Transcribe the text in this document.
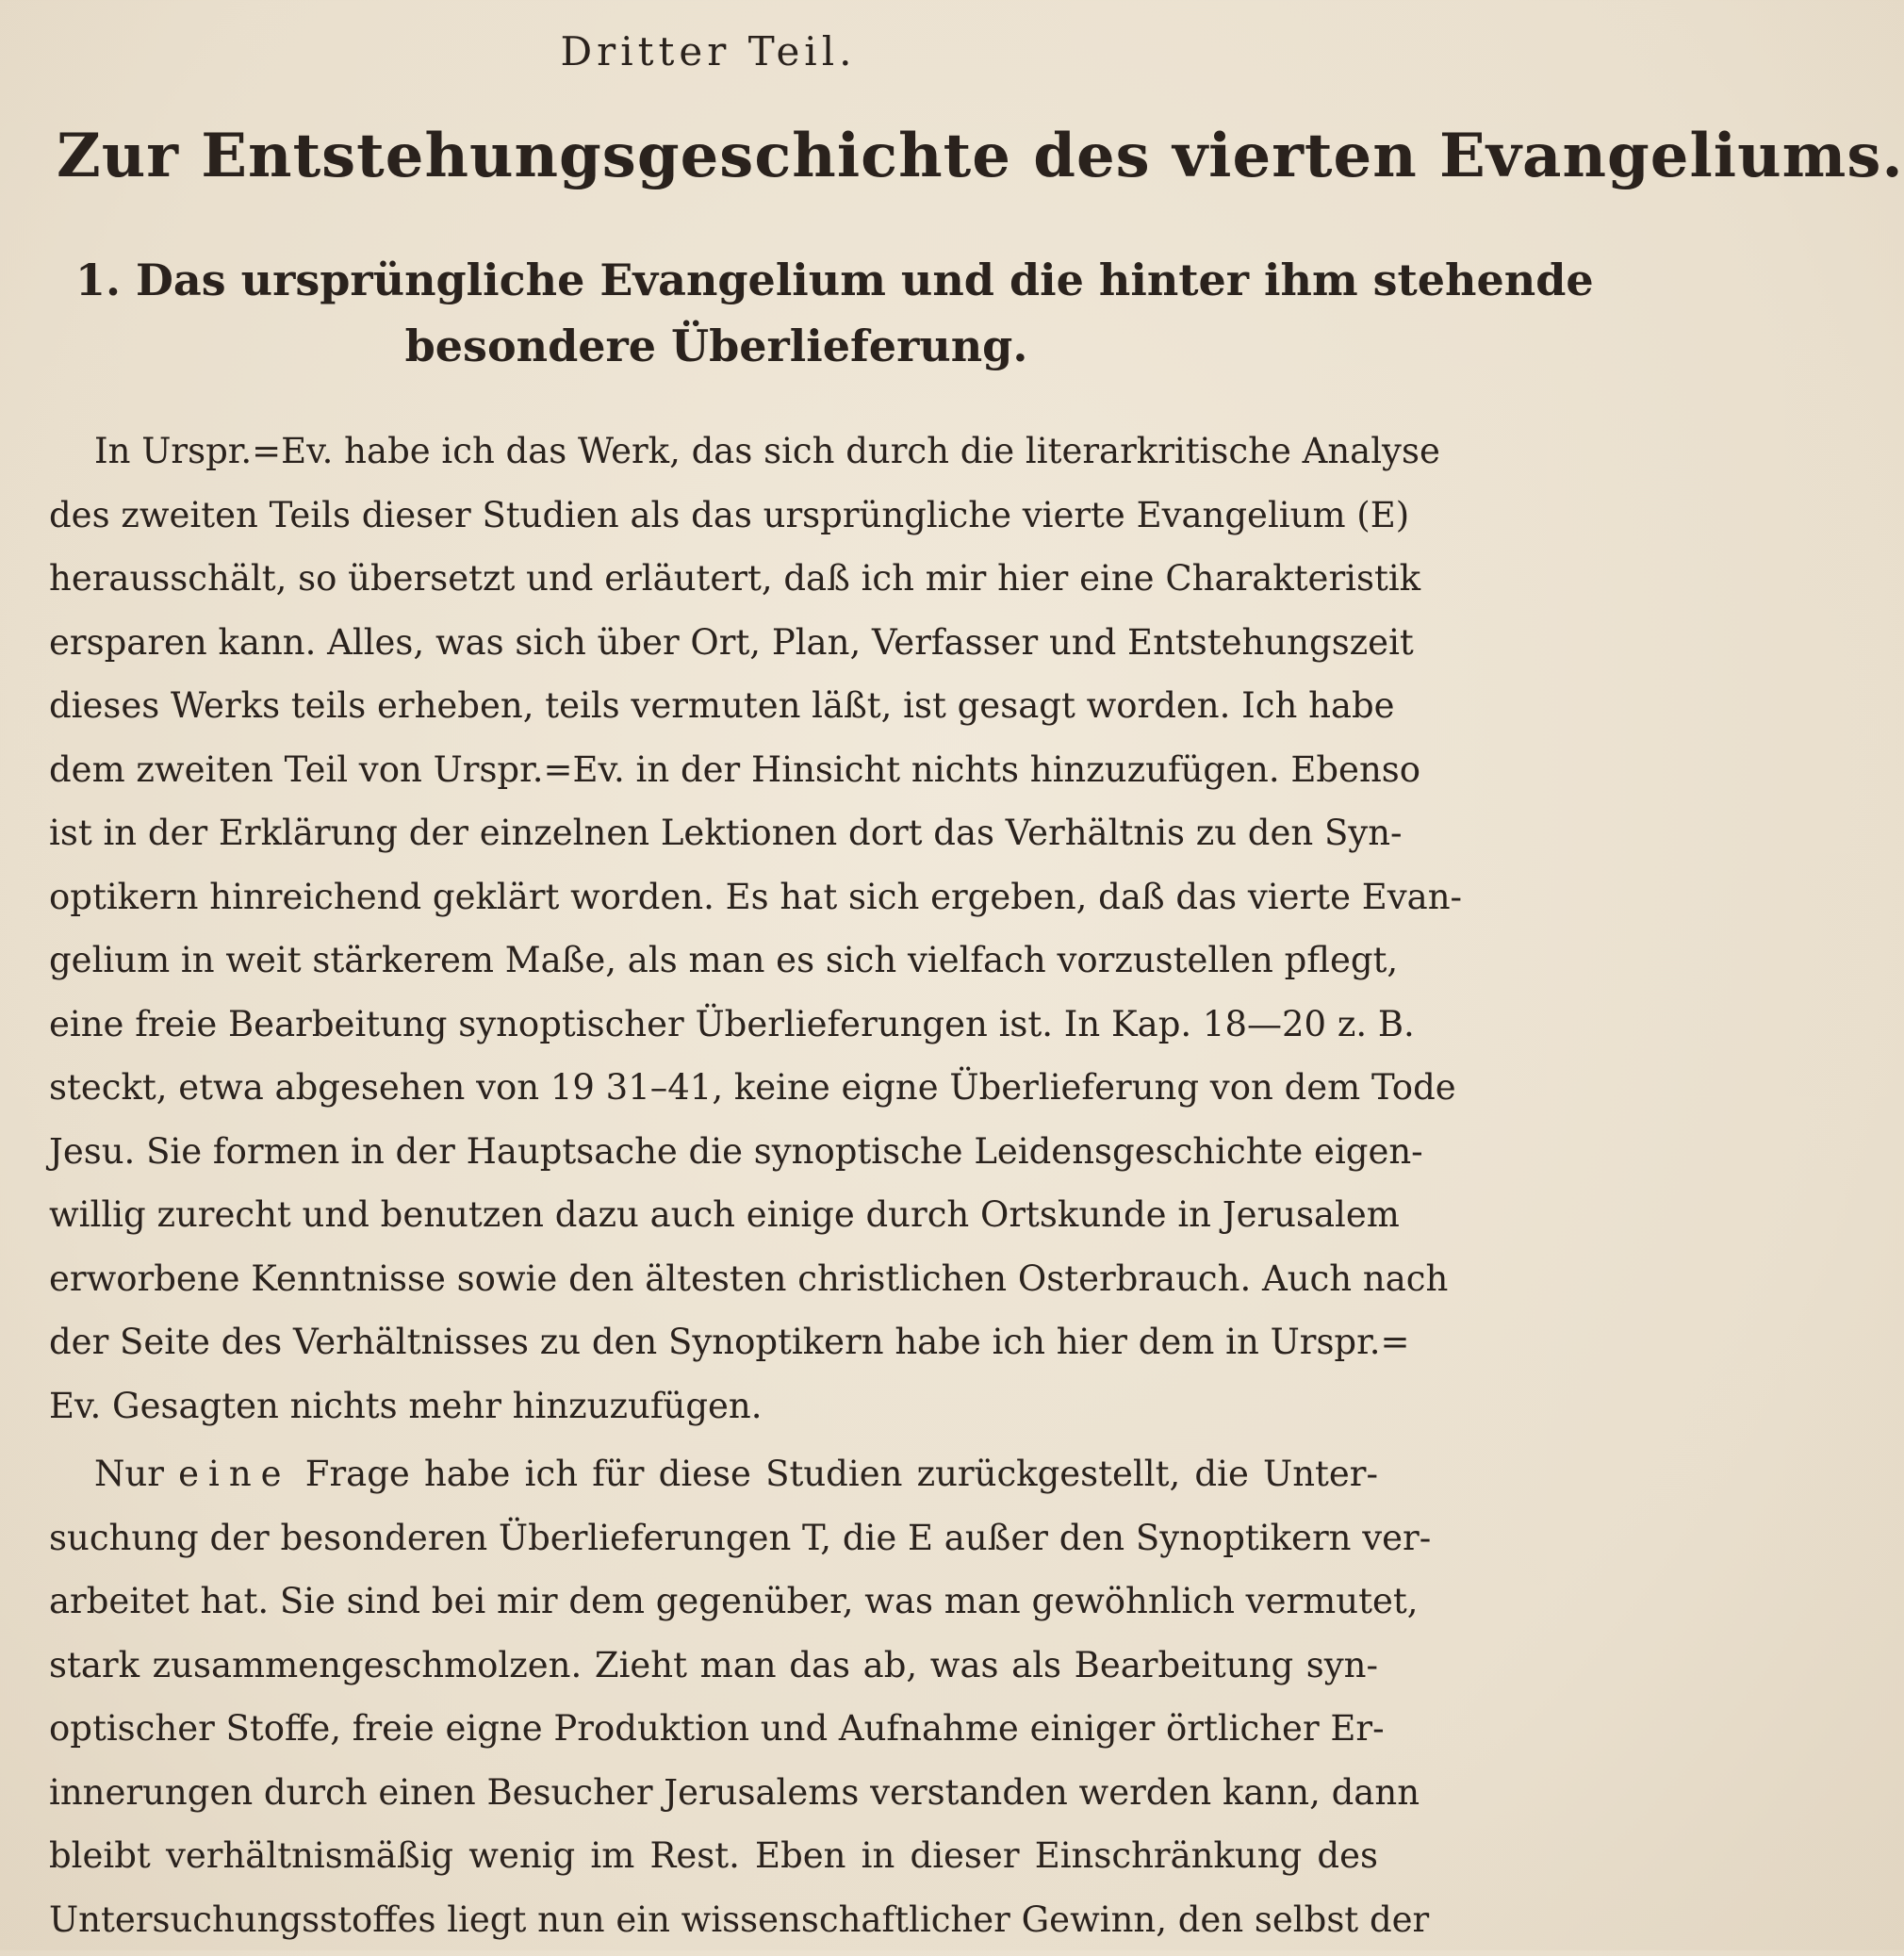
Dritter Teil.
Zur Entstehungsgeschichte des vierten Evangeliums.
1. Das ursprüngliche Evangelium und die hinter ihm stehende
besondere Überlieferung.
In Urspr.=Ev. habe ich das Werk, das sich durch die literarkritische Analyse
des zweiten Teils dieser Studien als das ursprüngliche vierte Evangelium (E)
herausschält, so übersetzt und erläutert, daß ich mir hier eine Charakteristik
ersparen kann. Alles, was sich über Ort, Plan, Verfasser und Entstehungszeit
dieses Werks teils erheben, teils vermuten läßt, ist gesagt worden. Ich habe
dem zweiten Teil von Urspr.=Ev. in der Hinsicht nichts hinzuzufügen. Ebenso
ist in der Erklärung der einzelnen Lektionen dort das Verhältnis zu den Syn-
optikern hinreichend geklärt worden. Es hat sich ergeben, daß das vierte Evan-
gelium in weit stärkerem Maße, als man es sich vielfach vorzustellen pflegt,
eine freie Bearbeitung synoptischer Überlieferungen ist. In Kap. 18—20 z. B.
steckt, etwa abgesehen von 19 31–41, keine eigne Überlieferung von dem Tode
Jesu. Sie formen in der Hauptsache die synoptische Leidensgeschichte eigen-
willig zurecht und benutzen dazu auch einige durch Ortskunde in Jerusalem
erworbene Kenntnisse sowie den ältesten christlichen Osterbrauch. Auch nach
der Seite des Verhältnisses zu den Synoptikern habe ich hier dem in Urspr.=
Ev. Gesagten nichts mehr hinzuzufügen.
Nur eine Frage habe ich für diese Studien zurückgestellt, die Unter-
suchung der besonderen Überlieferungen T, die E außer den Synoptikern ver-
arbeitet hat. Sie sind bei mir dem gegenüber, was man gewöhnlich vermutet,
stark zusammengeschmolzen. Zieht man das ab, was als Bearbeitung syn-
optischer Stoffe, freie eigne Produktion und Aufnahme einiger örtlicher Er-
innerungen durch einen Besucher Jerusalems verstanden werden kann, dann
bleibt verhältnismäßig wenig im Rest. Eben in dieser Einschränkung des
Untersuchungsstoffes liegt nun ein wissenschaftlicher Gewinn, den selbst der
